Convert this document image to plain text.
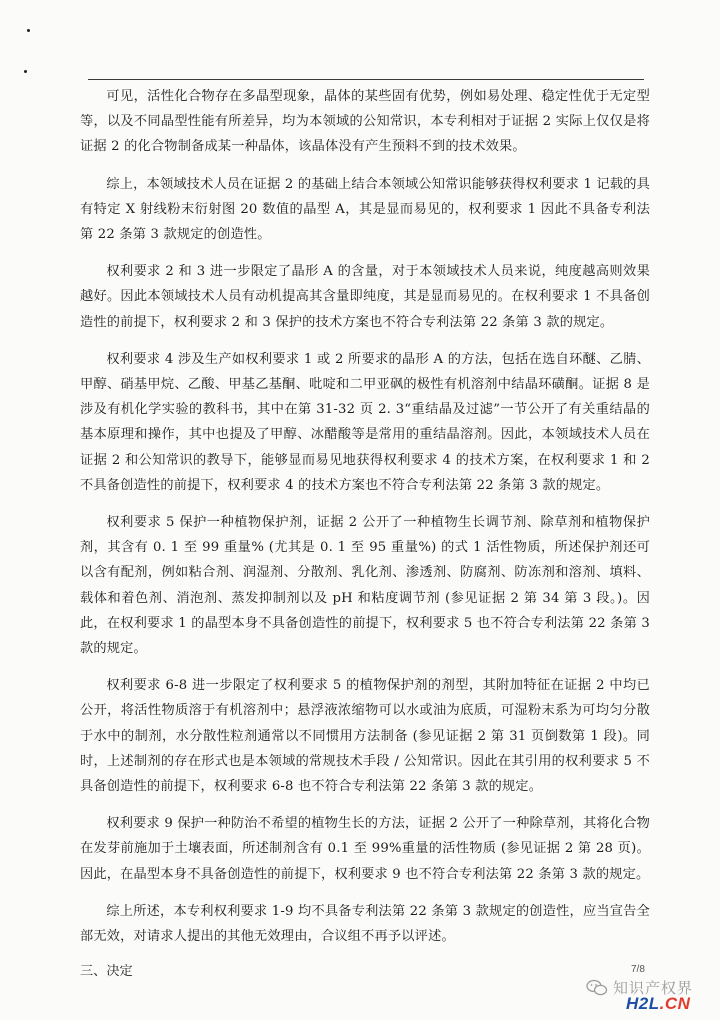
可见，活性化合物存在多晶型现象，晶体的某些固有优势，例如易处理、稳定性优于无定型等，以及不同晶型性能有所差异，均为本领域的公知常识，本专利相对于证据 2 实际上仅仅是将证据 2 的化合物制备成某一种晶体，该晶体没有产生预料不到的技术效果。

综上，本领域技术人员在证据 2 的基础上结合本领域公知常识能够获得权利要求 1 记载的具有特定 X 射线粉末衍射图 20 数值的晶型 A，其是显而易见的，权利要求 1 因此不具备专利法第 22 条第 3 款规定的创造性。

权利要求 2 和 3 进一步限定了晶形 A 的含量，对于本领域技术人员来说，纯度越高则效果越好。因此本领域技术人员有动机提高其含量即纯度，其是显而易见的。在权利要求 1 不具备创造性的前提下，权利要求 2 和 3 保护的技术方案也不符合专利法第 22 条第 3 款的规定。

权利要求 4 涉及生产如权利要求 1 或 2 所要求的晶形 A 的方法，包括在选自环醚、乙腈、甲醇、硝基甲烷、乙酸、甲基乙基酮、吡啶和二甲亚砜的极性有机溶剂中结晶环磺酮。证据 8 是涉及有机化学实验的教科书，其中在第 31-32 页 2. 3“重结晶及过滤”一节公开了有关重结晶的基本原理和操作，其中也提及了甲醇、冰醋酸等是常用的重结晶溶剂。因此，本领域技术人员在证据 2 和公知常识的教导下，能够显而易见地获得权利要求 4 的技术方案，在权利要求 1 和 2 不具备创造性的前提下，权利要求 4 的技术方案也不符合专利法第 22 条第 3 款的规定。

权利要求 5 保护一种植物保护剂，证据 2 公开了一种植物生长调节剂、除草剂和植物保护剂，其含有 0. 1 至 99 重量% (尤其是 0. 1 至 95 重量%) 的式 1 活性物质，所述保护剂还可以含有配剂，例如粘合剂、润湿剂、分散剂、乳化剂、渗透剂、防腐剂、防冻剂和溶剂、填料、载体和着色剂、消泡剂、蒸发抑制剂以及 pH 和粘度调节剂 (参见证据 2 第 34 第 3 段。)。因此，在权利要求 1 的晶型本身不具备创造性的前提下，权利要求 5 也不符合专利法第 22 条第 3 款的规定。

权利要求 6-8 进一步限定了权利要求 5 的植物保护剂的剂型，其附加特征在证据 2 中均已公开，将活性物质溶于有机溶剂中；悬浮液浓缩物可以水或油为底质，可湿粉末系为可均匀分散于水中的制剂，水分散性粒剂通常以不同惯用方法制备 (参见证据 2 第 31 页倒数第 1 段)。同时，上述制剂的存在形式也是本领域的常规技术手段 / 公知常识。因此在其引用的权利要求 5 不具备创造性的前提下，权利要求 6-8 也不符合专利法第 22 条第 3 款的规定。

权利要求 9 保护一种防治不希望的植物生长的方法，证据 2 公开了一种除草剂，其将化合物在发芽前施加于土壤表面，所述制剂含有 0.1 至 99%重量的活性物质 (参见证据 2 第 28 页)。因此，在晶型本身不具备创造性的前提下，权利要求 9 也不符合专利法第 22 条第 3 款的规定。

综上所述，本专利权利要求 1-9 均不具备专利法第 22 条第 3 款规定的创造性，应当宣告全部无效，对请求人提出的其他无效理由，合议组不再予以评述。

三、决定	7/8
知识产权界
H2L.CN
